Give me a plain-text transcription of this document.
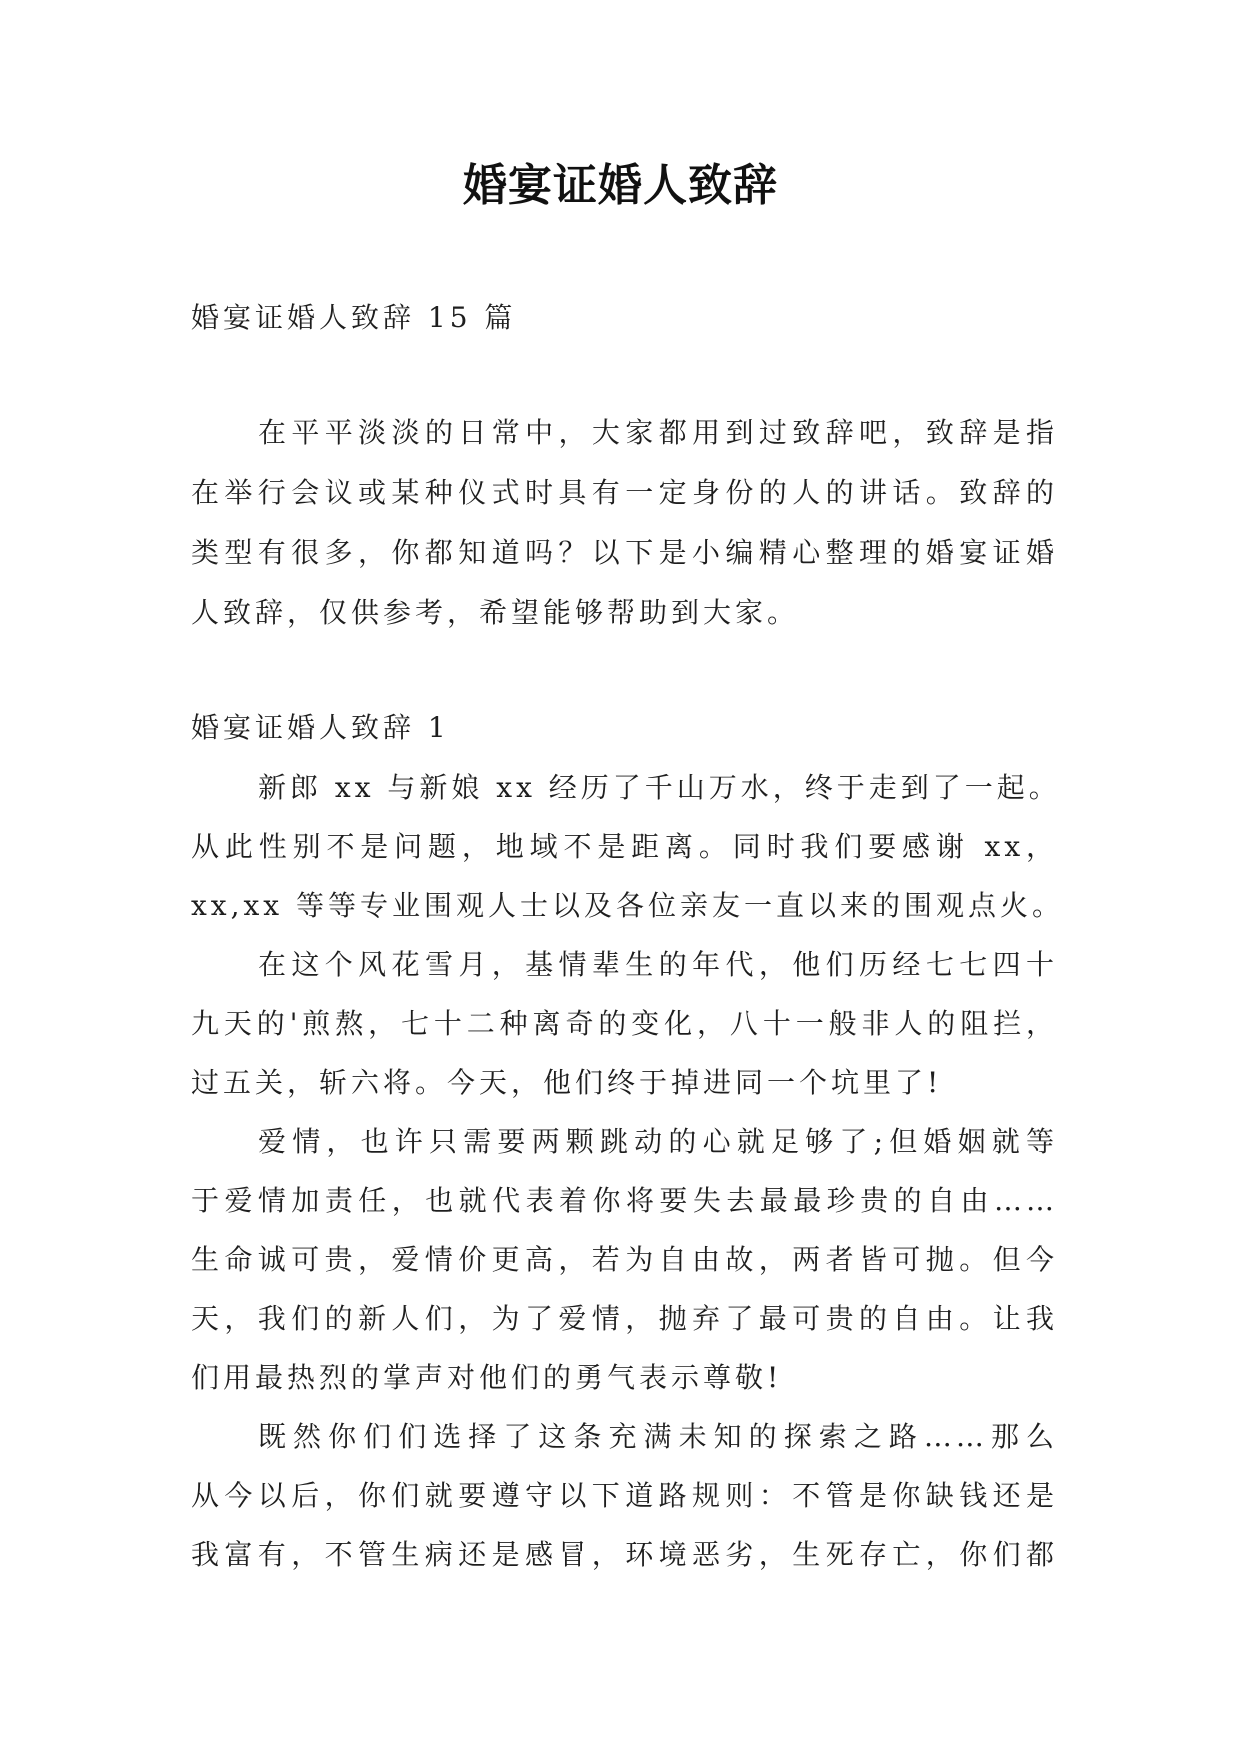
婚宴证婚人致辞
婚宴证婚人致辞 15 篇
在平平淡淡的日常中，大家都用到过致辞吧，致辞是指
在举行会议或某种仪式时具有一定身份的人的讲话。致辞的
类型有很多，你都知道吗？以下是小编精心整理的婚宴证婚
人致辞，仅供参考，希望能够帮助到大家。
婚宴证婚人致辞 1
新郎 xx 与新娘 xx 经历了千山万水，终于走到了一起。
从此性别不是问题，地域不是距离。同时我们要感谢 xx，
xx,xx 等等专业围观人士以及各位亲友一直以来的围观点火。
在这个风花雪月，基情辈生的年代，他们历经七七四十
九天的'煎熬，七十二种离奇的变化，八十一般非人的阻拦，
过五关，斩六将。今天，他们终于掉进同一个坑里了!
爱情，也许只需要两颗跳动的心就足够了;但婚姻就等
于爱情加责任，也就代表着你将要失去最最珍贵的自由……
生命诚可贵，爱情价更高，若为自由故，两者皆可抛。但今
天，我们的新人们，为了爱情，抛弃了最可贵的自由。让我
们用最热烈的掌声对他们的勇气表示尊敬!
既然你们们选择了这条充满未知的探索之路……那么
从今以后，你们就要遵守以下道路规则：不管是你缺钱还是
我富有，不管生病还是感冒，环境恶劣，生死存亡，你们都
